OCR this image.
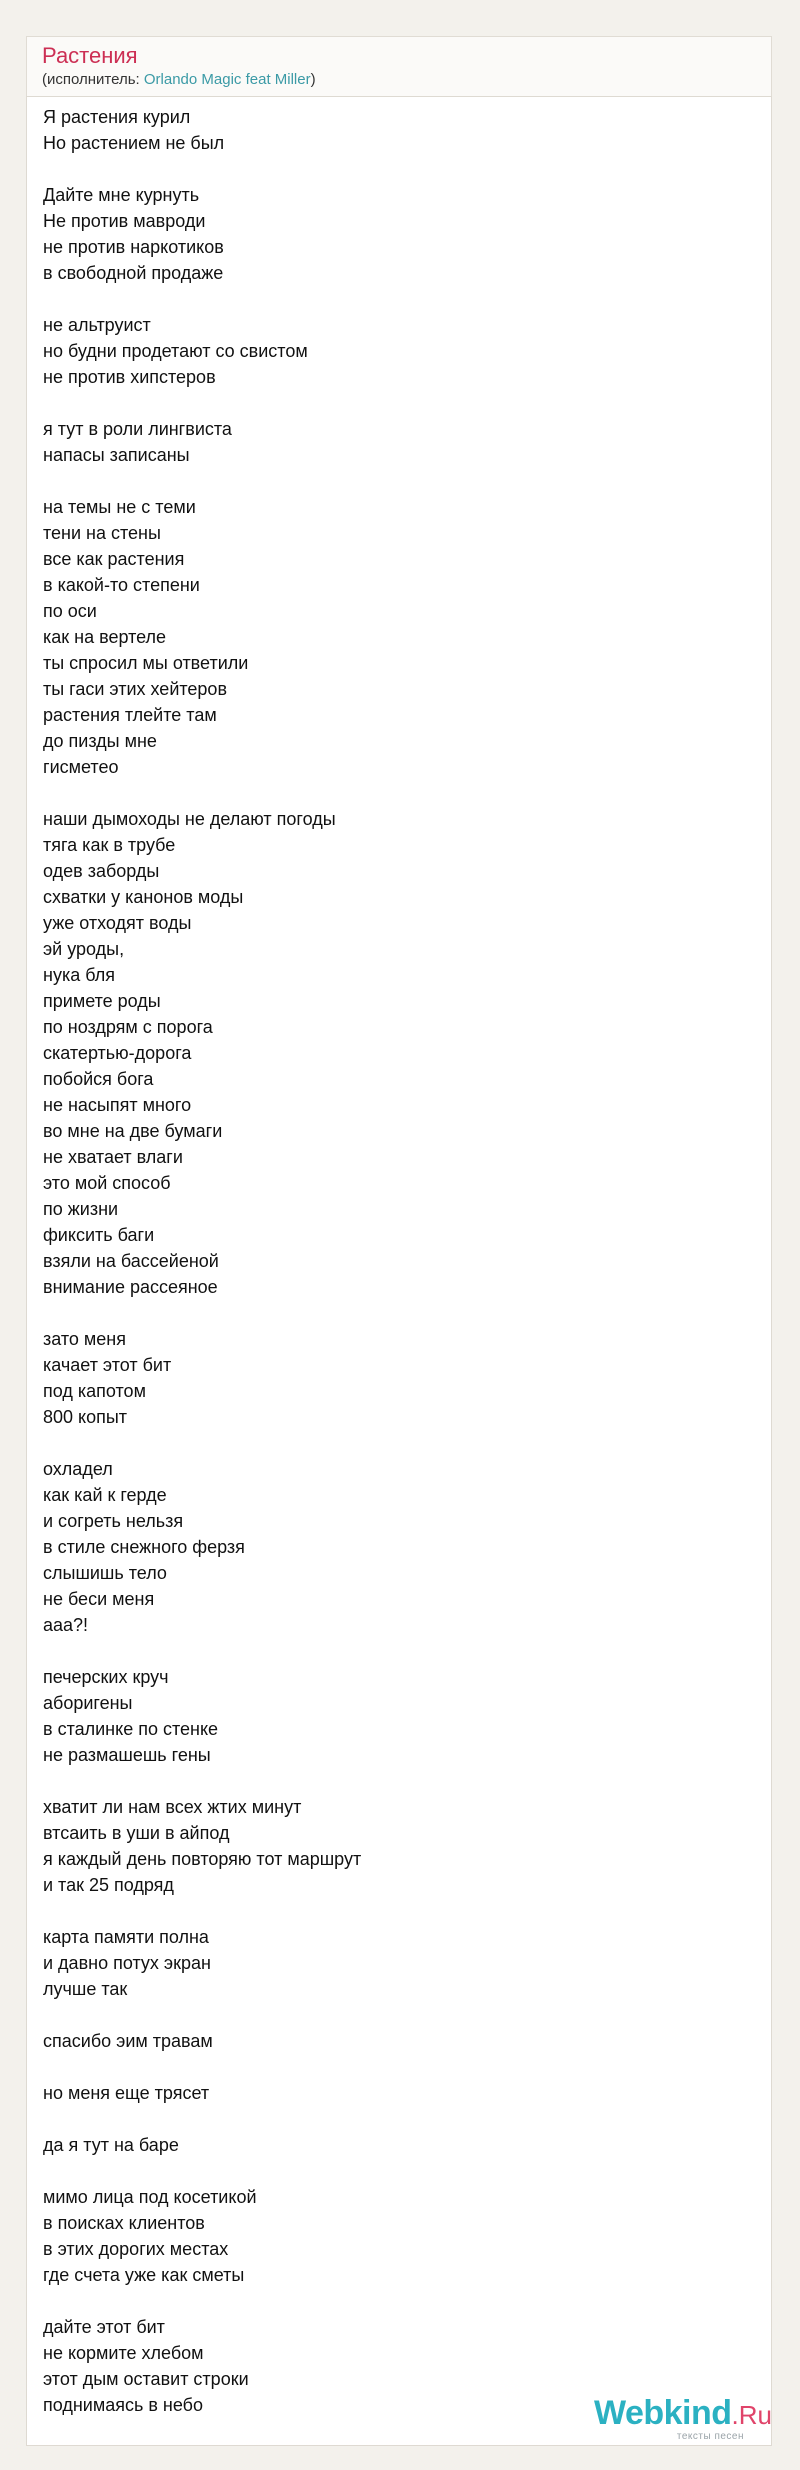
Растения
(исполнитель: Orlando Magic feat Miller)
Я растения курил
Но растением не был
Дайте мне курнуть
Не против мавроди
не против наркотиков
в свободной продаже
не альтруист
но будни продетают со свистом
не против хипстеров
я тут в роли лингвиста
напасы записаны
на темы не с теми
тени на стены
все как растения
в какой-то степени
по оси
как на вертеле
ты спросил мы ответили
ты гаси этих хейтеров
растения тлейте там
до пизды мне
гисметео
наши дымоходы не делают погоды
тяга как в трубе
одев заборды
схватки у канонов моды
уже отходят воды
эй уроды,
нука бля
примете роды
по ноздрям с порога
скатертью-дорога
побойся бога
не насыпят много
во мне на две бумаги
не хватает влаги
это мой способ
по жизни
фиксить баги
взяли на бассейеной
внимание рассеяное
зато меня
качает этот бит
под капотом
800 копыт
охладел
как кай к герде
и согреть нельзя
в стиле снежного ферзя
слышишь тело
не беси меня
ааа?!
печерских круч
аборигены
в сталинке по стенке
не размашешь гены
хватит ли нам всех жтих минут
втсаить в уши в айпод
я каждый день повторяю тот маршрут
и так 25 подряд
карта памяти полна
и давно потух экран
лучше так
спасибо эим травам
но меня еще трясет
да я тут на баре
мимо лица под косетикой
в поисках клиентов
в этих дорогих местах
где счета уже как сметы
дайте этот бит
не кормите хлебом
этот дым оставит строки
поднимаясь в небо	Webkind.Ru
тексты песен
